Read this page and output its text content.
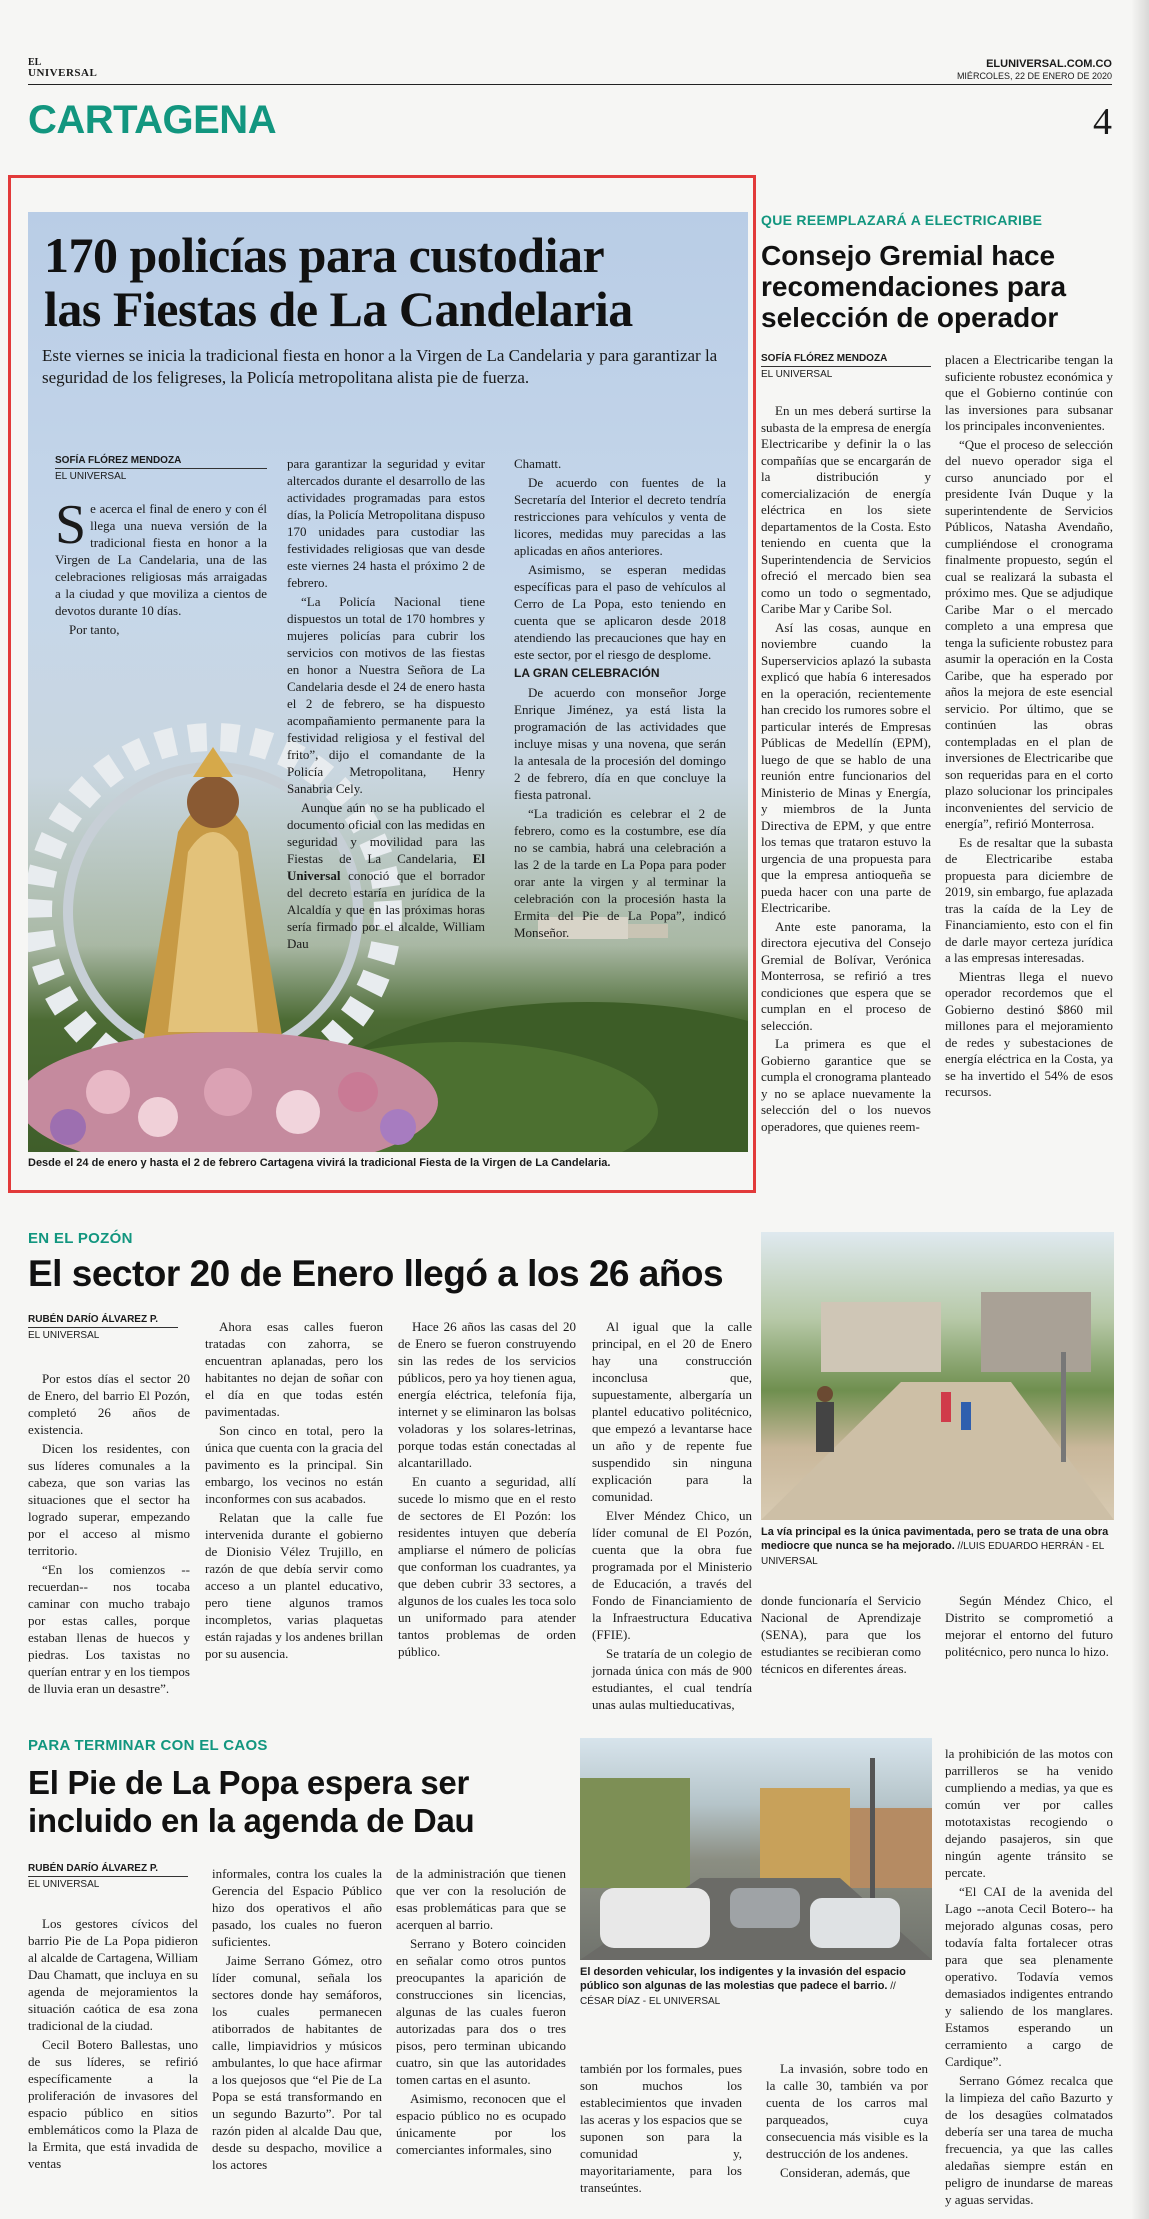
EL
UNIVERSAL
ELUNIVERSAL.COM.CO
MIÉRCOLES, 22 DE ENERO DE 2020
CARTAGENA	4
170 policías para custodiar
las Fiestas de La Candelaria
Este viernes se inicia la tradicional fiesta en honor a la Virgen de La Candelaria y para garantizar la seguridad de los feligreses, la Policía metropolitana alista pie de fuerza.
SOFÍA FLÓREZ MENDOZA
EL UNIVERSAL

Se acerca el final de enero y con él llega una nueva versión de la tradicional fiesta en honor a la Virgen de La Candelaria, una de las celebraciones religiosas más arraigadas a la ciudad y que moviliza a cientos de devotos durante 10 días.

Por tanto,

para garantizar la seguridad y evitar altercados durante el desarrollo de las actividades programadas para estos días, la Policía Metropolitana dispuso 170 unidades para custodiar las festividades religiosas que van desde este viernes 24 hasta el próximo 2 de febrero.

“La Policía Nacional tiene dispuestos un total de 170 hombres y mujeres policías para cubrir los servicios con motivos de las fiestas en honor a Nuestra Señora de La Candelaria desde el 24 de enero hasta el 2 de febrero, se ha dispuesto acompañamiento permanente para la festividad religiosa y el festival del frito”, dijo el comandante de la Policía Metropolitana, Henry Sanabria Cely.

Aunque aún no se ha publicado el documento oficial con las medidas en seguridad y movilidad para las Fiestas de La Candelaria, El Universal conoció que el borrador del decreto estaría en jurídica de la Alcaldía y que en las próximas horas sería firmado por el alcalde, William Dau

Chamatt.

De acuerdo con fuentes de la Secretaría del Interior el decreto tendría restricciones para vehículos y venta de licores, medidas muy parecidas a las aplicadas en años anteriores.

Asimismo, se esperan medidas específicas para el paso de vehículos al Cerro de La Popa, esto teniendo en cuenta que se aplicaron desde 2018 atendiendo las precauciones que hay en este sector, por el riesgo de desplome.

LA GRAN CELEBRACIÓN

De acuerdo con monseñor Jorge Enrique Jiménez, ya está lista la programación de las actividades que incluye misas y una novena, que serán la antesala de la procesión del domingo 2 de febrero, día en que concluye la fiesta patronal.

“La tradición es celebrar el 2 de febrero, como es la costumbre, ese día no se cambia, habrá una celebración a las 2 de la tarde en La Popa para poder orar ante la virgen y al terminar la celebración con la procesión hasta la Ermita del Pie de La Popa”, indicó Monseñor.

Desde el 24 de enero y hasta el 2 de febrero Cartagena vivirá la tradicional Fiesta de la Virgen de La Candelaria.
QUE REEMPLAZARÁ A ELECTRICARIBE
Consejo Gremial hace recomendaciones para selección de operador
SOFÍA FLÓREZ MENDOZA
EL UNIVERSAL

En un mes deberá surtirse la subasta de la empresa de energía Electricaribe y definir la o las compañías que se encargarán de la distribución y comercialización de energía eléctrica en los siete departamentos de la Costa. Esto teniendo en cuenta que la Superintendencia de Servicios ofreció el mercado bien sea como un todo o segmentado, Caribe Mar y Caribe Sol.

Así las cosas, aunque en noviembre cuando la Superservicios aplazó la subasta explicó que había 6 interesados en la operación, recientemente han crecido los rumores sobre el particular interés de Empresas Públicas de Medellín (EPM), luego de que se hablo de una reunión entre funcionarios del Ministerio de Minas y Energía, y miembros de la Junta Directiva de EPM, y que entre los temas que trataron estuvo la urgencia de una propuesta para que la empresa antioqueña se pueda hacer con una parte de Electricaribe.

Ante este panorama, la directora ejecutiva del Consejo Gremial de Bolívar, Verónica Monterrosa, se refirió a tres condiciones que espera que se cumplan en el proceso de selección.

La primera es que el Gobierno garantice que se cumpla el cronograma planteado y no se aplace nuevamente la selección del o los nuevos operadores, que quienes reem-

placen a Electricaribe tengan la suficiente robustez económica y que el Gobierno continúe con las inversiones para subsanar los principales inconvenientes.

“Que el proceso de selección del nuevo operador siga el curso anunciado por el presidente Iván Duque y la superintendente de Servicios Públicos, Natasha Avendaño, cumpliéndose el cronograma finalmente propuesto, según el cual se realizará la subasta el próximo mes. Que se adjudique Caribe Mar o el mercado completo a una empresa que tenga la suficiente robustez para asumir la operación en la Costa Caribe, que ha esperado por años la mejora de este esencial servicio. Por último, que se continúen las obras contempladas en el plan de inversiones de Electricaribe que son requeridas para en el corto plazo solucionar los principales inconvenientes del servicio de energía”, refirió Monterrosa.

Es de resaltar que la subasta de Electricaribe estaba propuesta para diciembre de 2019, sin embargo, fue aplazada tras la caída de la Ley de Financiamiento, esto con el fin de darle mayor certeza jurídica a las empresas interesadas.

Mientras llega el nuevo operador recordemos que el Gobierno destinó $860 mil millones para el mejoramiento de redes y subestaciones de energía eléctrica en la Costa, ya se ha invertido el 54% de esos recursos.

EN EL POZÓN
El sector 20 de Enero llegó a los 26 años
RUBÉN DARÍO ÁLVAREZ P.
EL UNIVERSAL

Por estos días el sector 20 de Enero, del barrio El Pozón, completó 26 años de existencia.

Dicen los residentes, con sus líderes comunales a la cabeza, que son varias las situaciones que el sector ha logrado superar, empezando por el acceso al mismo territorio.

“En los comienzos --recuerdan-- nos tocaba caminar con mucho trabajo por estas calles, porque estaban llenas de huecos y piedras. Los taxistas no querían entrar y en los tiempos de lluvia eran un desastre”.

Ahora esas calles fueron tratadas con zahorra, se encuentran aplanadas, pero los habitantes no dejan de soñar con el día en que todas estén pavimentadas.

Son cinco en total, pero la única que cuenta con la gracia del pavimento es la principal. Sin embargo, los vecinos no están inconformes con sus acabados.

Relatan que la calle fue intervenida durante el gobierno de Dionisio Vélez Trujillo, en razón de que debía servir como acceso a un plantel educativo, pero tiene algunos tramos incompletos, varias plaquetas están rajadas y los andenes brillan por su ausencia.

Hace 26 años las casas del 20 de Enero se fueron construyendo sin las redes de los servicios públicos, pero ya hoy tienen agua, energía eléctrica, telefonía fija, internet y se eliminaron las bolsas voladoras y los solares-letrinas, porque todas están conectadas al alcantarillado.

En cuanto a seguridad, allí sucede lo mismo que en el resto de sectores de El Pozón: los residentes intuyen que debería ampliarse el número de policías que conforman los cuadrantes, ya que deben cubrir 33 sectores, a algunos de los cuales les toca solo un uniformado para atender tantos problemas de orden público.

Al igual que la calle principal, en el 20 de Enero hay una construcción inconclusa que, supuestamente, albergaría un plantel educativo politécnico, que empezó a levantarse hace un año y de repente fue suspendido sin ninguna explicación para la comunidad.

Elver Méndez Chico, un líder comunal de El Pozón, cuenta que la obra fue programada por el Ministerio de Educación, a través del Fondo de Financiamiento de la Infraestructura Educativa (FFIE).

Se trataría de un colegio de jornada única con más de 900 estudiantes, el cual tendría unas aulas multieducativas,

La vía principal es la única pavimentada, pero se trata de una obra mediocre que nunca se ha mejorado. //LUIS EDUARDO HERRÁN - EL UNIVERSAL

donde funcionaría el Servicio Nacional de Aprendizaje (SENA), para que los estudiantes se recibieran como técnicos en diferentes áreas.

Según Méndez Chico, el Distrito se comprometió a mejorar el entorno del futuro politécnico, pero nunca lo hizo.

PARA TERMINAR CON EL CAOS
El Pie de La Popa espera ser
incluido en la agenda de Dau
RUBÉN DARÍO ÁLVAREZ P.
EL UNIVERSAL

Los gestores cívicos del barrio Pie de La Popa pidieron al alcalde de Cartagena, William Dau Chamatt, que incluya en su agenda de mejoramientos la situación caótica de esa zona tradicional de la ciudad.

Cecil Botero Ballestas, uno de sus líderes, se refirió específicamente a la proliferación de invasores del espacio público en sitios emblemáticos como la Plaza de la Ermita, que está invadida de ventas

informales, contra los cuales la Gerencia del Espacio Público hizo dos operativos el año pasado, los cuales no fueron suficientes.

Jaime Serrano Gómez, otro líder comunal, señala los sectores donde hay semáforos, los cuales permanecen atiborrados de habitantes de calle, limpiavidrios y músicos ambulantes, lo que hace afirmar a los quejosos que “el Pie de La Popa se está transformando en un segundo Bazurto”. Por tal razón piden al alcalde Dau que, desde su despacho, movilice a los actores

de la administración que tienen que ver con la resolución de esas problemáticas para que se acerquen al barrio.

Serrano y Botero coinciden en señalar como otros puntos preocupantes la aparición de construcciones sin licencias, algunas de las cuales fueron autorizadas para dos o tres pisos, pero terminan ubicando cuatro, sin que las autoridades tomen cartas en el asunto.

Asimismo, reconocen que el espacio público no es ocupado únicamente por los comerciantes informales, sino

El desorden vehicular, los indigentes y la invasión del espacio público son algunas de las molestias que padece el barrio. // CÉSAR DÍAZ - EL UNIVERSAL

también por los formales, pues son muchos los establecimientos que invaden las aceras y los espacios que se suponen son para la comunidad y, mayoritariamente, para los transeúntes.

La invasión, sobre todo en la calle 30, también va por cuenta de los carros mal parqueados, cuya consecuencia más visible es la destrucción de los andenes.

Consideran, además, que

la prohibición de las motos con parrilleros se ha venido cumpliendo a medias, ya que es común ver por calles mototaxistas recogiendo o dejando pasajeros, sin que ningún agente tránsito se percate.

“El CAI de la avenida del Lago --anota Cecil Botero-- ha mejorado algunas cosas, pero todavía falta fortalecer otras para que sea plenamente operativo. Todavía vemos demasiados indigentes entrando y saliendo de los manglares. Estamos esperando un cerramiento a cargo de Cardique”.

Serrano Gómez recalca que la limpieza del caño Bazurto y de los desagües colmatados debería ser una tarea de mucha frecuencia, ya que las calles aledañas siempre están en peligro de inundarse de mareas y aguas servidas.
